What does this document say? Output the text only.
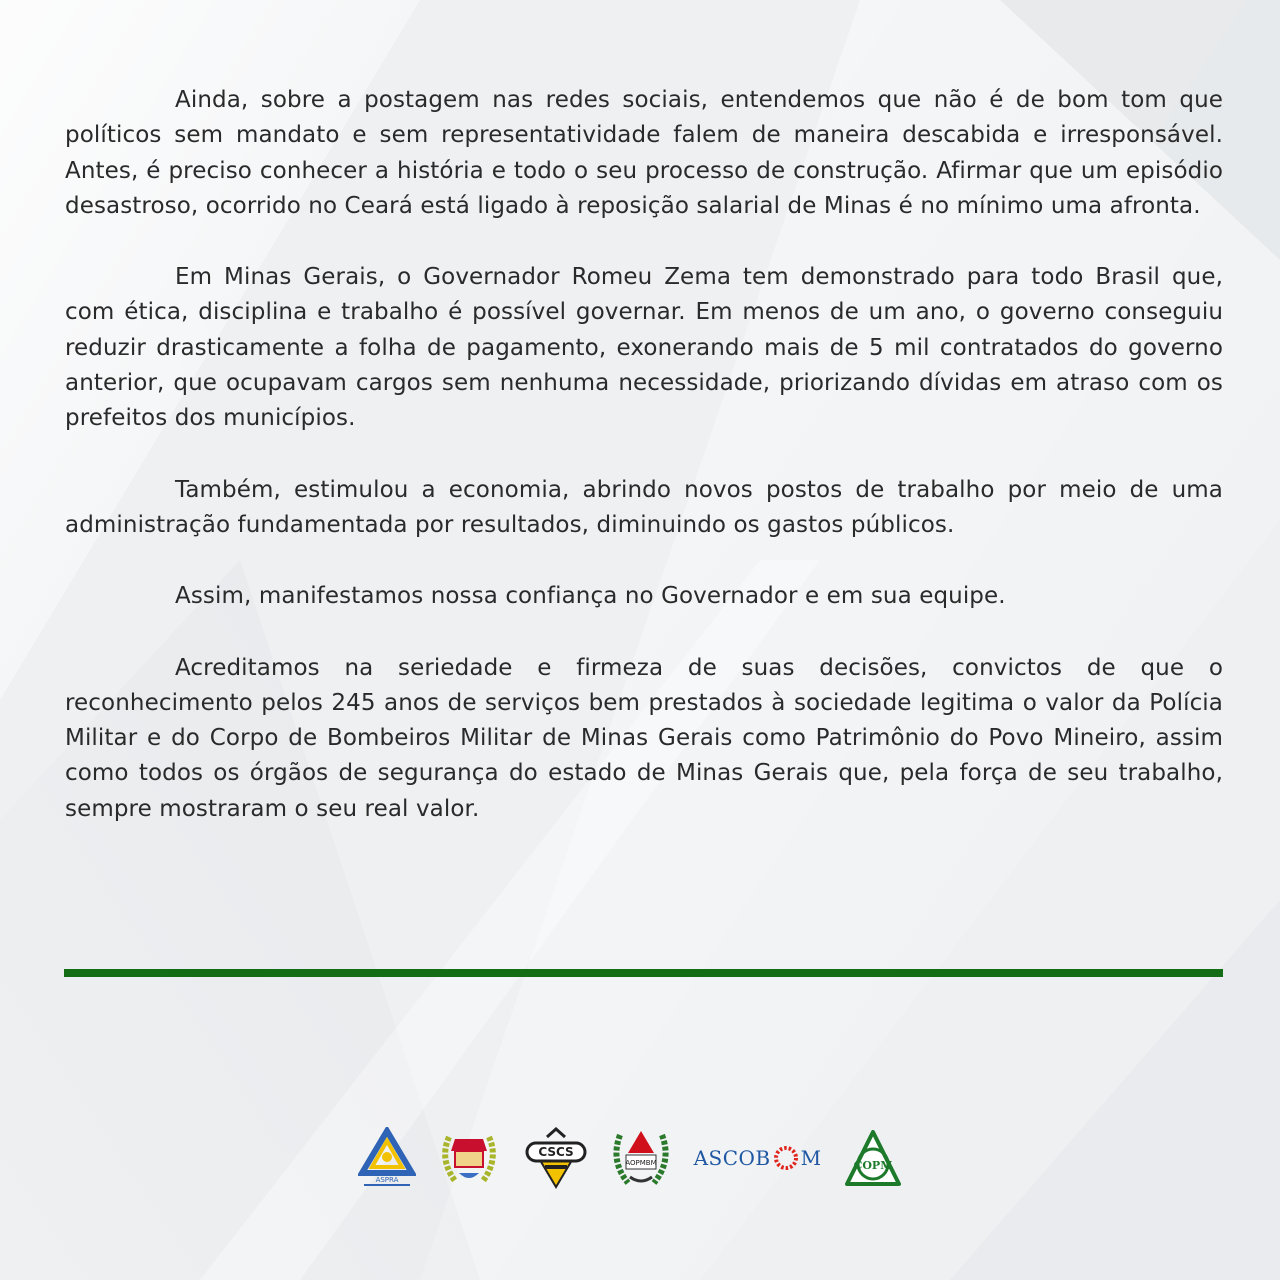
Ainda, sobre a postagem nas redes sociais, entendemos que não é de bom tom que políticos sem mandato e sem representatividade falem de maneira descabida e irresponsável. Antes, é preciso conhecer a história e todo o seu processo de construção. Afirmar que um episódio desastroso, ocorrido no Ceará está ligado à reposição salarial de Minas é no mínimo uma afronta.

Em Minas Gerais, o Governador Romeu Zema tem demonstrado para todo Brasil que, com ética, disciplina e trabalho é possível governar. Em menos de um ano, o governo conseguiu reduzir drasticamente a folha de pagamento, exonerando mais de 5 mil contratados do governo anterior, que ocupavam cargos sem nenhuma necessidade, priorizando dívidas em atraso com os prefeitos dos municípios.

Também, estimulou a economia, abrindo novos postos de trabalho por meio de uma administração fundamentada por resultados, diminuindo os gastos públicos.

Assim, manifestamos nossa confiança no Governador e em sua equipe.

Acreditamos na seriedade e firmeza de suas decisões, convictos de que o reconhecimento pelos 245 anos de serviços bem prestados à sociedade legitima o valor da Polícia Militar e do Corpo de Bombeiros Militar de Minas Gerais como Patrimônio do Povo Mineiro, assim como todos os órgãos de segurança do estado de Minas Gerais que, pela força de seu trabalho, sempre mostraram o seu real valor.

ASPRA
CSCS
AOPMBM ASCOB M	COPM
